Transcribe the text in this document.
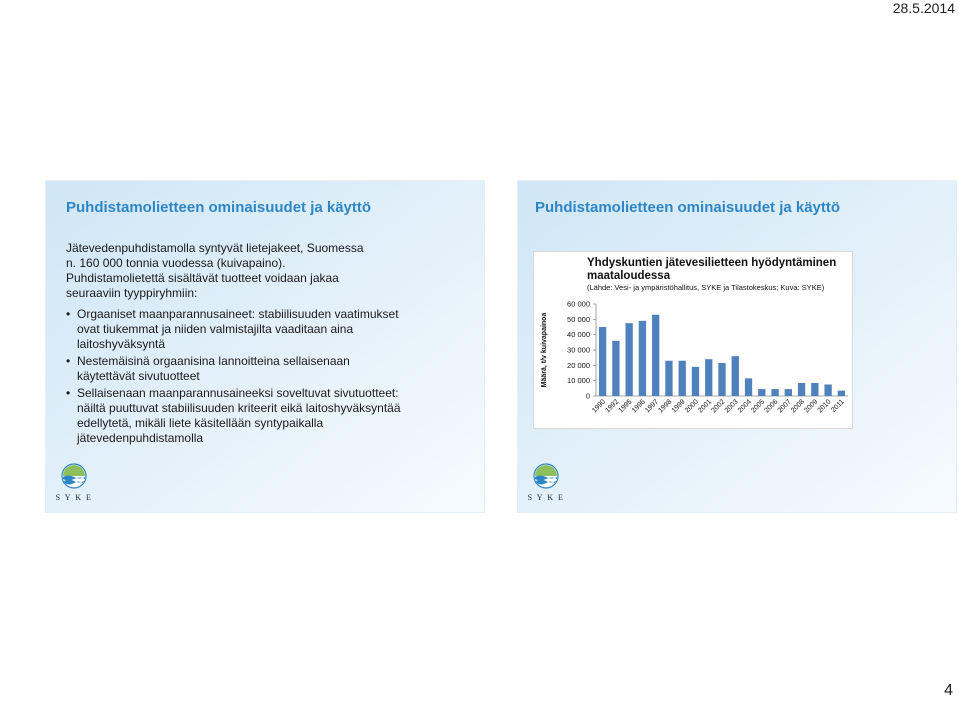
28.5.2014
Puhdistamolietteen ominaisuudet ja käyttö
Jätevedenpuhdistamolla syntyvät lietejakeet, Suomessa n. 160 000 tonnia vuodessa (kuivapaino). Puhdistamolietettä sisältävät tuotteet voidaan jakaa seuraaviin tyyppiryhmiin:
• Orgaaniset maanparannusaineet: stabiilisuuden vaatimukset ovat tiukemmat ja niiden valmistajilta vaaditaan aina laitoshyväksyntä
• Nestemäisinä orgaanisina lannoitteina sellaisenaan käytettävät sivutuotteet
• Sellaisenaan maanparannusaineeksi soveltuvat sivutuotteet: näiltä puuttuvat stabiilisuuden kriteerit eikä laitoshyväksyntää edellytetä, mikäli liete käsitellään syntypaikalla jätevedenpuhdistamolla
S Y K E
Puhdistamolietteen ominaisuudet ja käyttö
Määrä, t/v kuivapainoa
0
10 000
20 000
30 000
40 000
50 000
60 000
1990
1992
1995
1996
1997
1998
1999
2000
2001
2002
2003
2004
2005
2006
2007
2008
2009
2010
2011
Yhdyskuntien jätevesilietteen hyödyntäminen maataloudessa
(Lähde: Vesi- ja ympäristöhallitus, SYKE ja Tilastokeskus; Kuva: SYKE)
S Y K E
4
